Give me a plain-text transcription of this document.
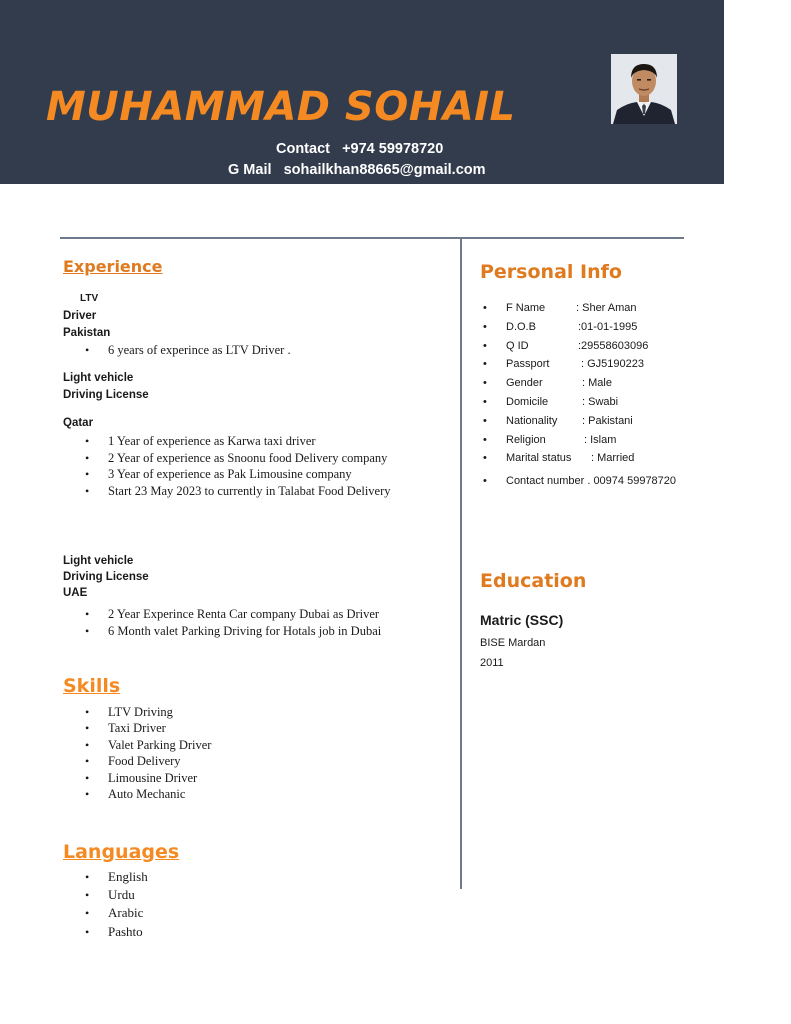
MUHAMMAD SOHAIL
Contact +974 59978720
G Mail sohailkhan88665@gmail.com
Experience
LTV
Driver
Pakistan
• 6 years of experince as LTV Driver .
Light vehicle
Driving License
Qatar
• 1 Year of experience as Karwa taxi driver
• 2 Year of experience as Snoonu food Delivery company
• 3 Year of experience as Pak Limousine company
• Start 23 May 2023 to currently in Talabat Food Delivery
Light vehicle
Driving License
UAE
• 2 Year Experince Renta Car company Dubai as Driver
• 6 Month valet Parking Driving for Hotals job in Dubai
Skills
• LTV Driving
• Taxi Driver
• Valet Parking Driver
• Food Delivery
• Limousine Driver
• Auto Mechanic
Languages
• English
• Urdu
• Arabic
• Pashto
Personal Info
• F Name	: Sher Aman
• D.O.B	:01-01-1995
• Q ID	:29558603096
• Passport	: GJ5190223
• Gender	: Male
• Domicile	: Swabi
• Nationality : Pakistani
• Religion	: Islam
• Marital status : Married
• Contact number . 00974 59978720
Education
Matric (SSC)
BISE Mardan
2011
